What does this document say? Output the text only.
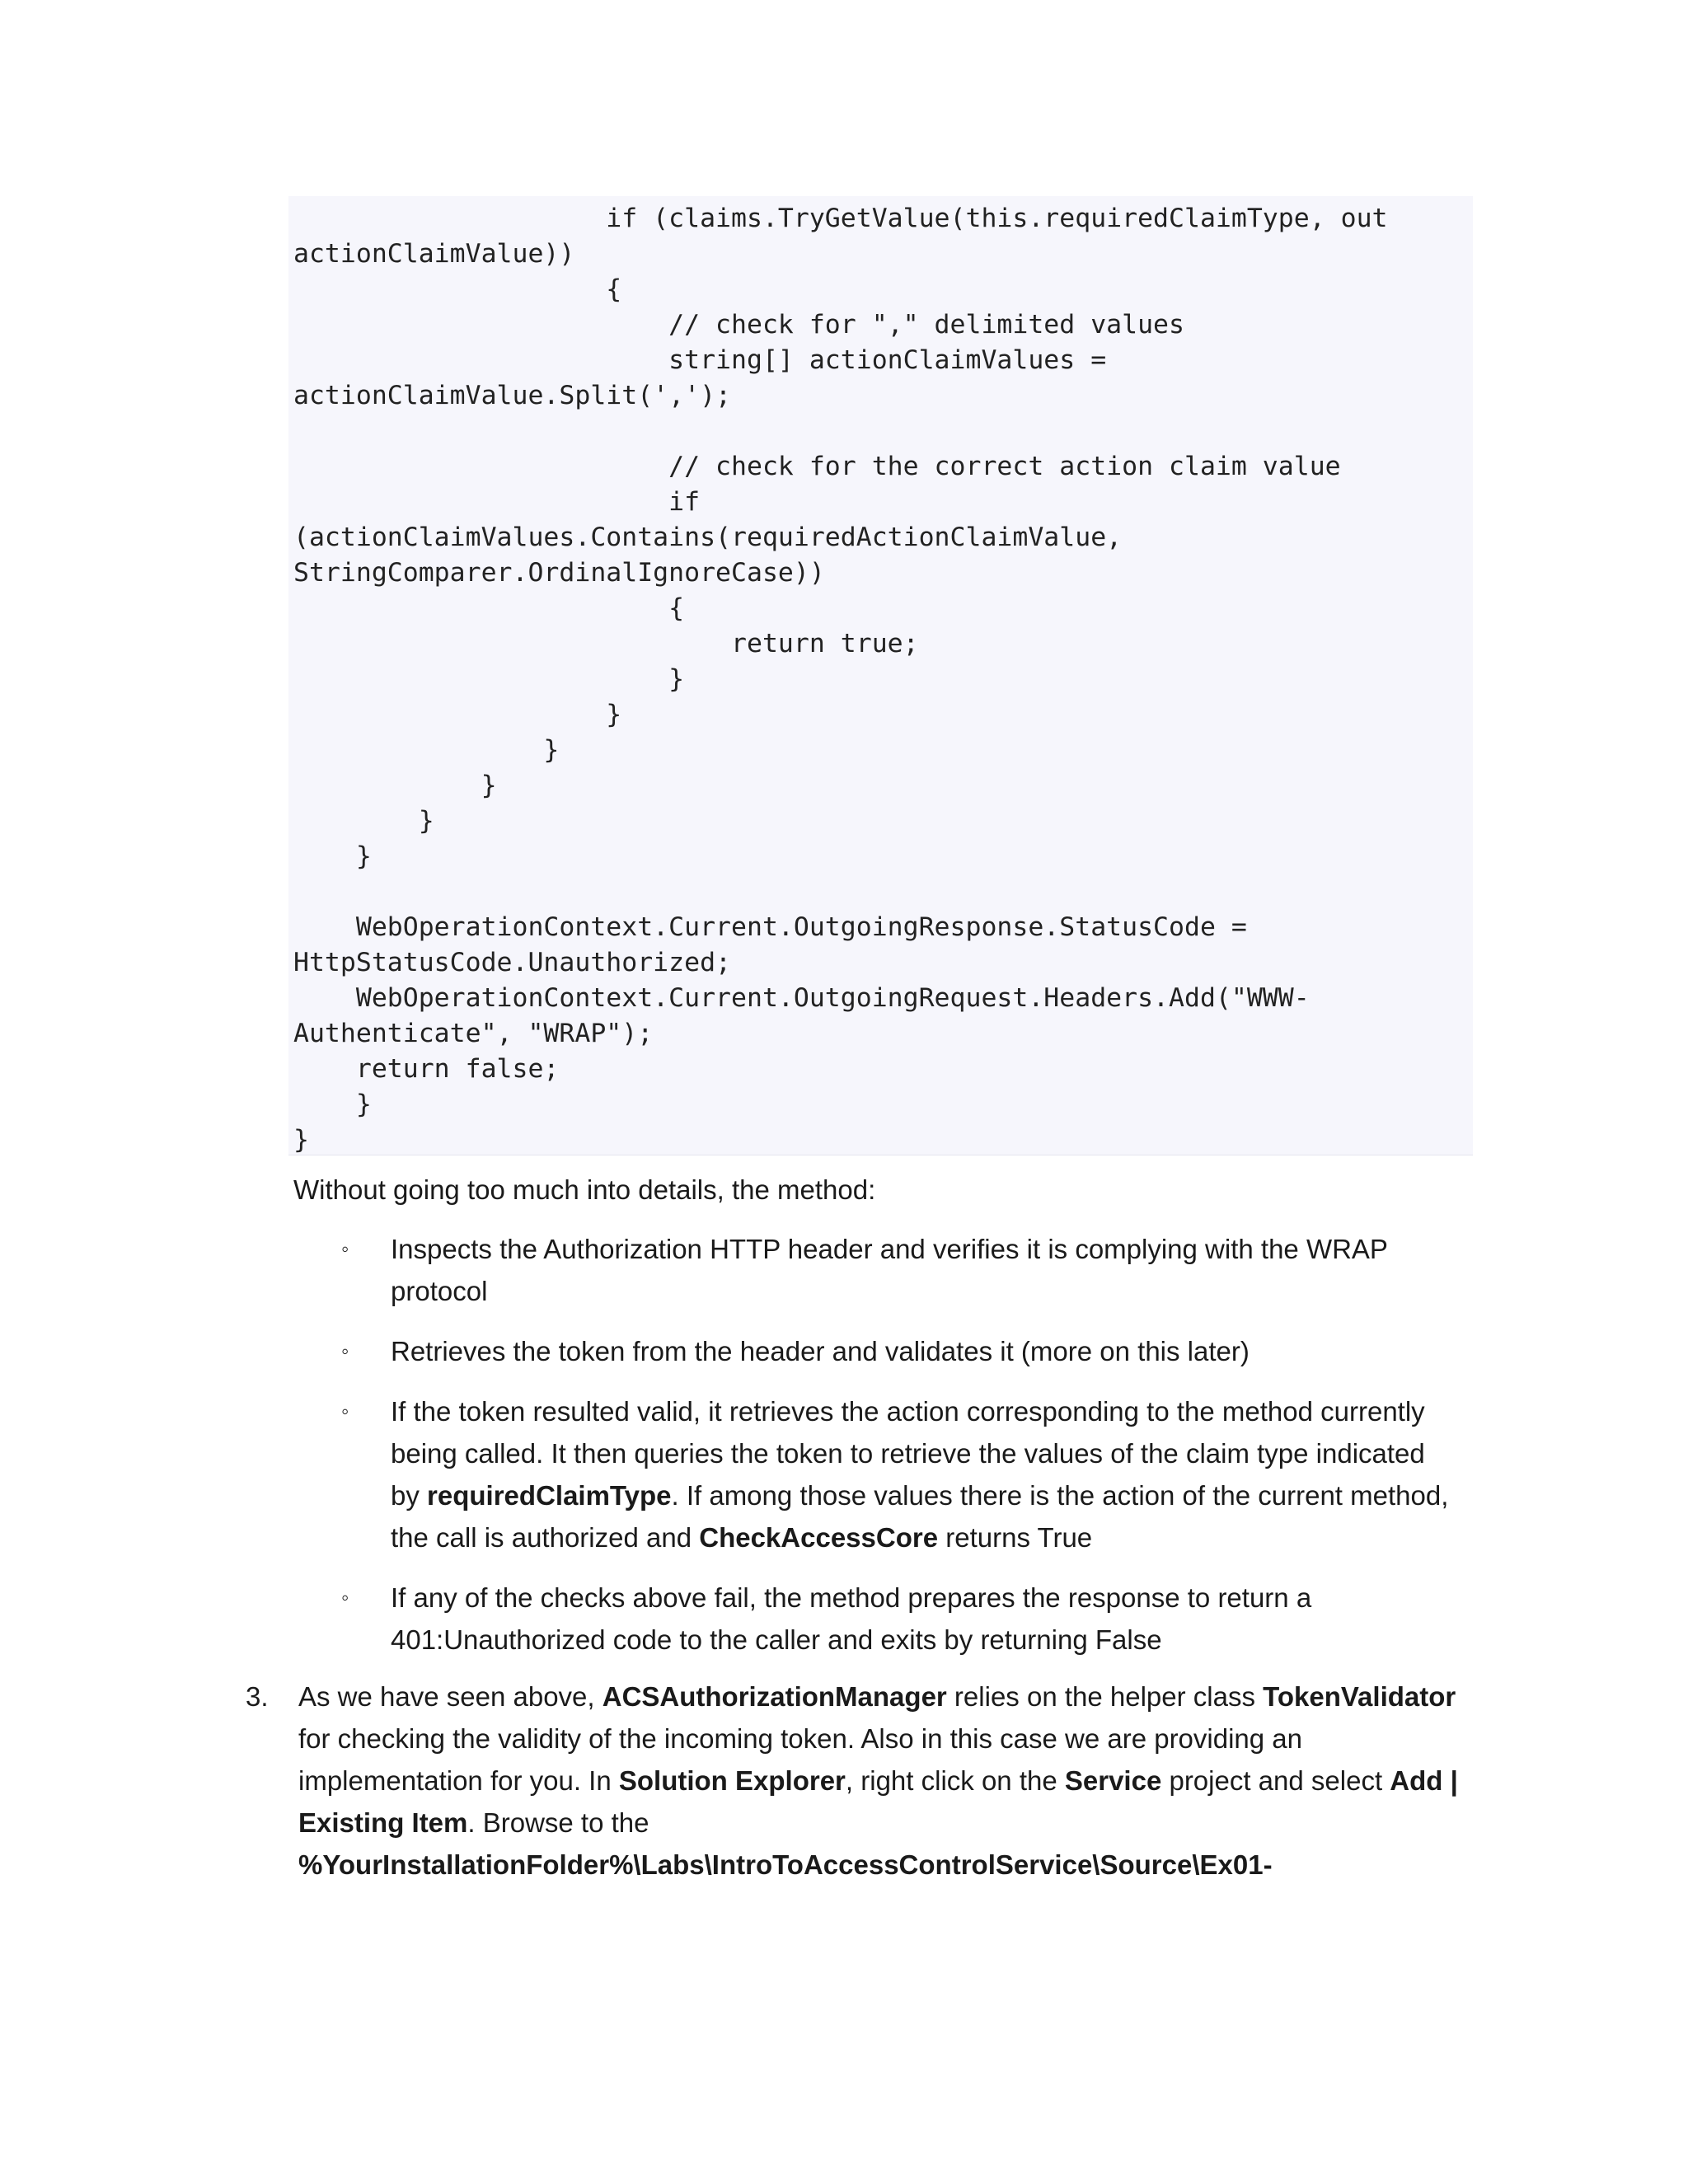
if (claims.TryGetValue(this.requiredClaimType, out
actionClaimValue))
{
// check for "," delimited values
string[] actionClaimValues =
actionClaimValue.Split(',');
// check for the correct action claim value
if
(actionClaimValues.Contains(requiredActionClaimValue,
StringComparer.OrdinalIgnoreCase))
{
return true;
}
}
}
}
}
}
WebOperationContext.Current.OutgoingResponse.StatusCode =
HttpStatusCode.Unauthorized;
WebOperationContext.Current.OutgoingRequest.Headers.Add("WWW-
Authenticate", "WRAP");
return false;
}
}
Without going too much into details, the method:
◦ Inspects the Authorization HTTP header and verifies it is complying with the WRAP
protocol
◦ Retrieves the token from the header and validates it (more on this later)
◦ If the token resulted valid, it retrieves the action corresponding to the method currently
being called. It then queries the token to retrieve the values of the claim type indicated
by requiredClaimType. If among those values there is the action of the current method,
the call is authorized and CheckAccessCore returns True
◦ If any of the checks above fail, the method prepares the response to return a
401:Unauthorized code to the caller and exits by returning False
3. As we have seen above, ACSAuthorizationManager relies on the helper class TokenValidator
for checking the validity of the incoming token. Also in this case we are providing an
implementation for you. In Solution Explorer, right click on the Service project and select Add |
Existing Item. Browse to the
%YourInstallationFolder%\Labs\IntroToAccessControlService\Source\Ex01-
